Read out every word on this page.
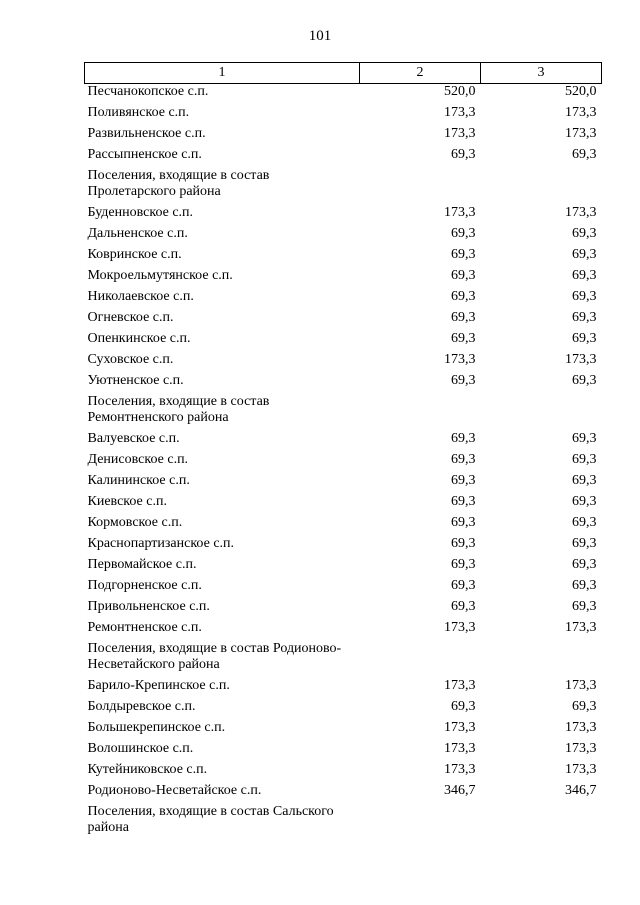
101
1	2	3
Песчанокопское с.п.	520,0	520,0
Поливянское с.п.	173,3	173,3
Развильненское с.п.	173,3	173,3
Рассыпненское с.п.	69,3	69,3
Поселения, входящие в состав Пролетарского района		
Буденновское с.п.	173,3	173,3
Дальненское с.п.	69,3	69,3
Ковринское с.п.	69,3	69,3
Мокроельмутянское с.п.	69,3	69,3
Николаевское с.п.	69,3	69,3
Огневское с.п.	69,3	69,3
Опенкинское с.п.	69,3	69,3
Суховское с.п.	173,3	173,3
Уютненское с.п.	69,3	69,3
Поселения, входящие в состав Ремонтненского района		
Валуевское с.п.	69,3	69,3
Денисовское с.п.	69,3	69,3
Калининское с.п.	69,3	69,3
Киевское с.п.	69,3	69,3
Кормовское с.п.	69,3	69,3
Краснопартизанское с.п.	69,3	69,3
Первомайское с.п.	69,3	69,3
Подгорненское с.п.	69,3	69,3
Привольненское с.п.	69,3	69,3
Ремонтненское с.п.	173,3	173,3
Поселения, входящие в состав Родионово-Несветайского района		
Барило-Крепинское с.п.	173,3	173,3
Болдыревское с.п.	69,3	69,3
Большекрепинское с.п.	173,3	173,3
Волошинское с.п.	173,3	173,3
Кутейниковское с.п.	173,3	173,3
Родионово-Несветайское с.п.	346,7	346,7
Поселения, входящие в состав Сальского района		
